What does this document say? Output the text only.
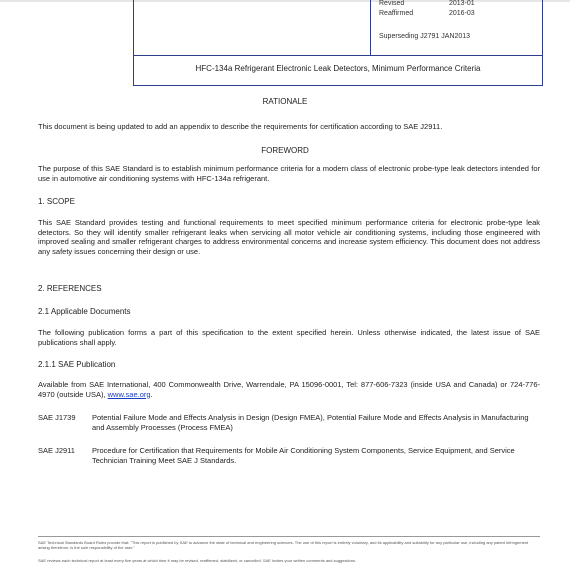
Revised	2013-01
Reaffirmed	2016-03
Superseding J2791 JAN2013
HFC-134a Refrigerant Electronic Leak Detectors, Minimum Performance Criteria
RATIONALE
This document is being updated to add an appendix to describe the requirements for certification according to SAE J2911.
FOREWORD
The purpose of this SAE Standard is to establish minimum performance criteria for a modern class of electronic probe-type leak detectors intended for use in automotive air conditioning systems with HFC-134a refrigerant.
1. SCOPE
This SAE Standard provides testing and functional requirements to meet specified minimum performance criteria for electronic probe-type leak detectors. So they will identify smaller refrigerant leaks when servicing all motor vehicle air conditioning systems, including those engineered with improved sealing and smaller refrigerant charges to address environmental concerns and increase system efficiency. This document does not address any safety issues concerning their design or use.
2. REFERENCES
2.1 Applicable Documents
The following publication forms a part of this specification to the extent specified herein. Unless otherwise indicated, the latest issue of SAE publications shall apply.
2.1.1 SAE Publication
Available from SAE International, 400 Commonwealth Drive, Warrendale, PA 15096-0001, Tel: 877-606-7323 (inside USA and Canada) or 724-776-4970 (outside USA), www.sae.org.
SAE J1739 Potential Failure Mode and Effects Analysis in Design (Design FMEA), Potential Failure Mode and Effects Analysis in Manufacturing and Assembly Processes (Process FMEA)
SAE J2911 Procedure for Certification that Requirements for Mobile Air Conditioning System Components, Service Equipment, and Service Technician Training Meet SAE J Standards.
SAE Technical Standards Board Rules provide that: "This report is published by SAE to advance the state of technical and engineering sciences. The use of this report is entirely voluntary, and its applicability and suitability for any particular use, including any patent infringement arising therefrom, is the sole responsibility of the user."
SAE reviews each technical report at least every five years at which time it may be revised, reaffirmed, stabilized, or cancelled. SAE invites your written comments and suggestions.
